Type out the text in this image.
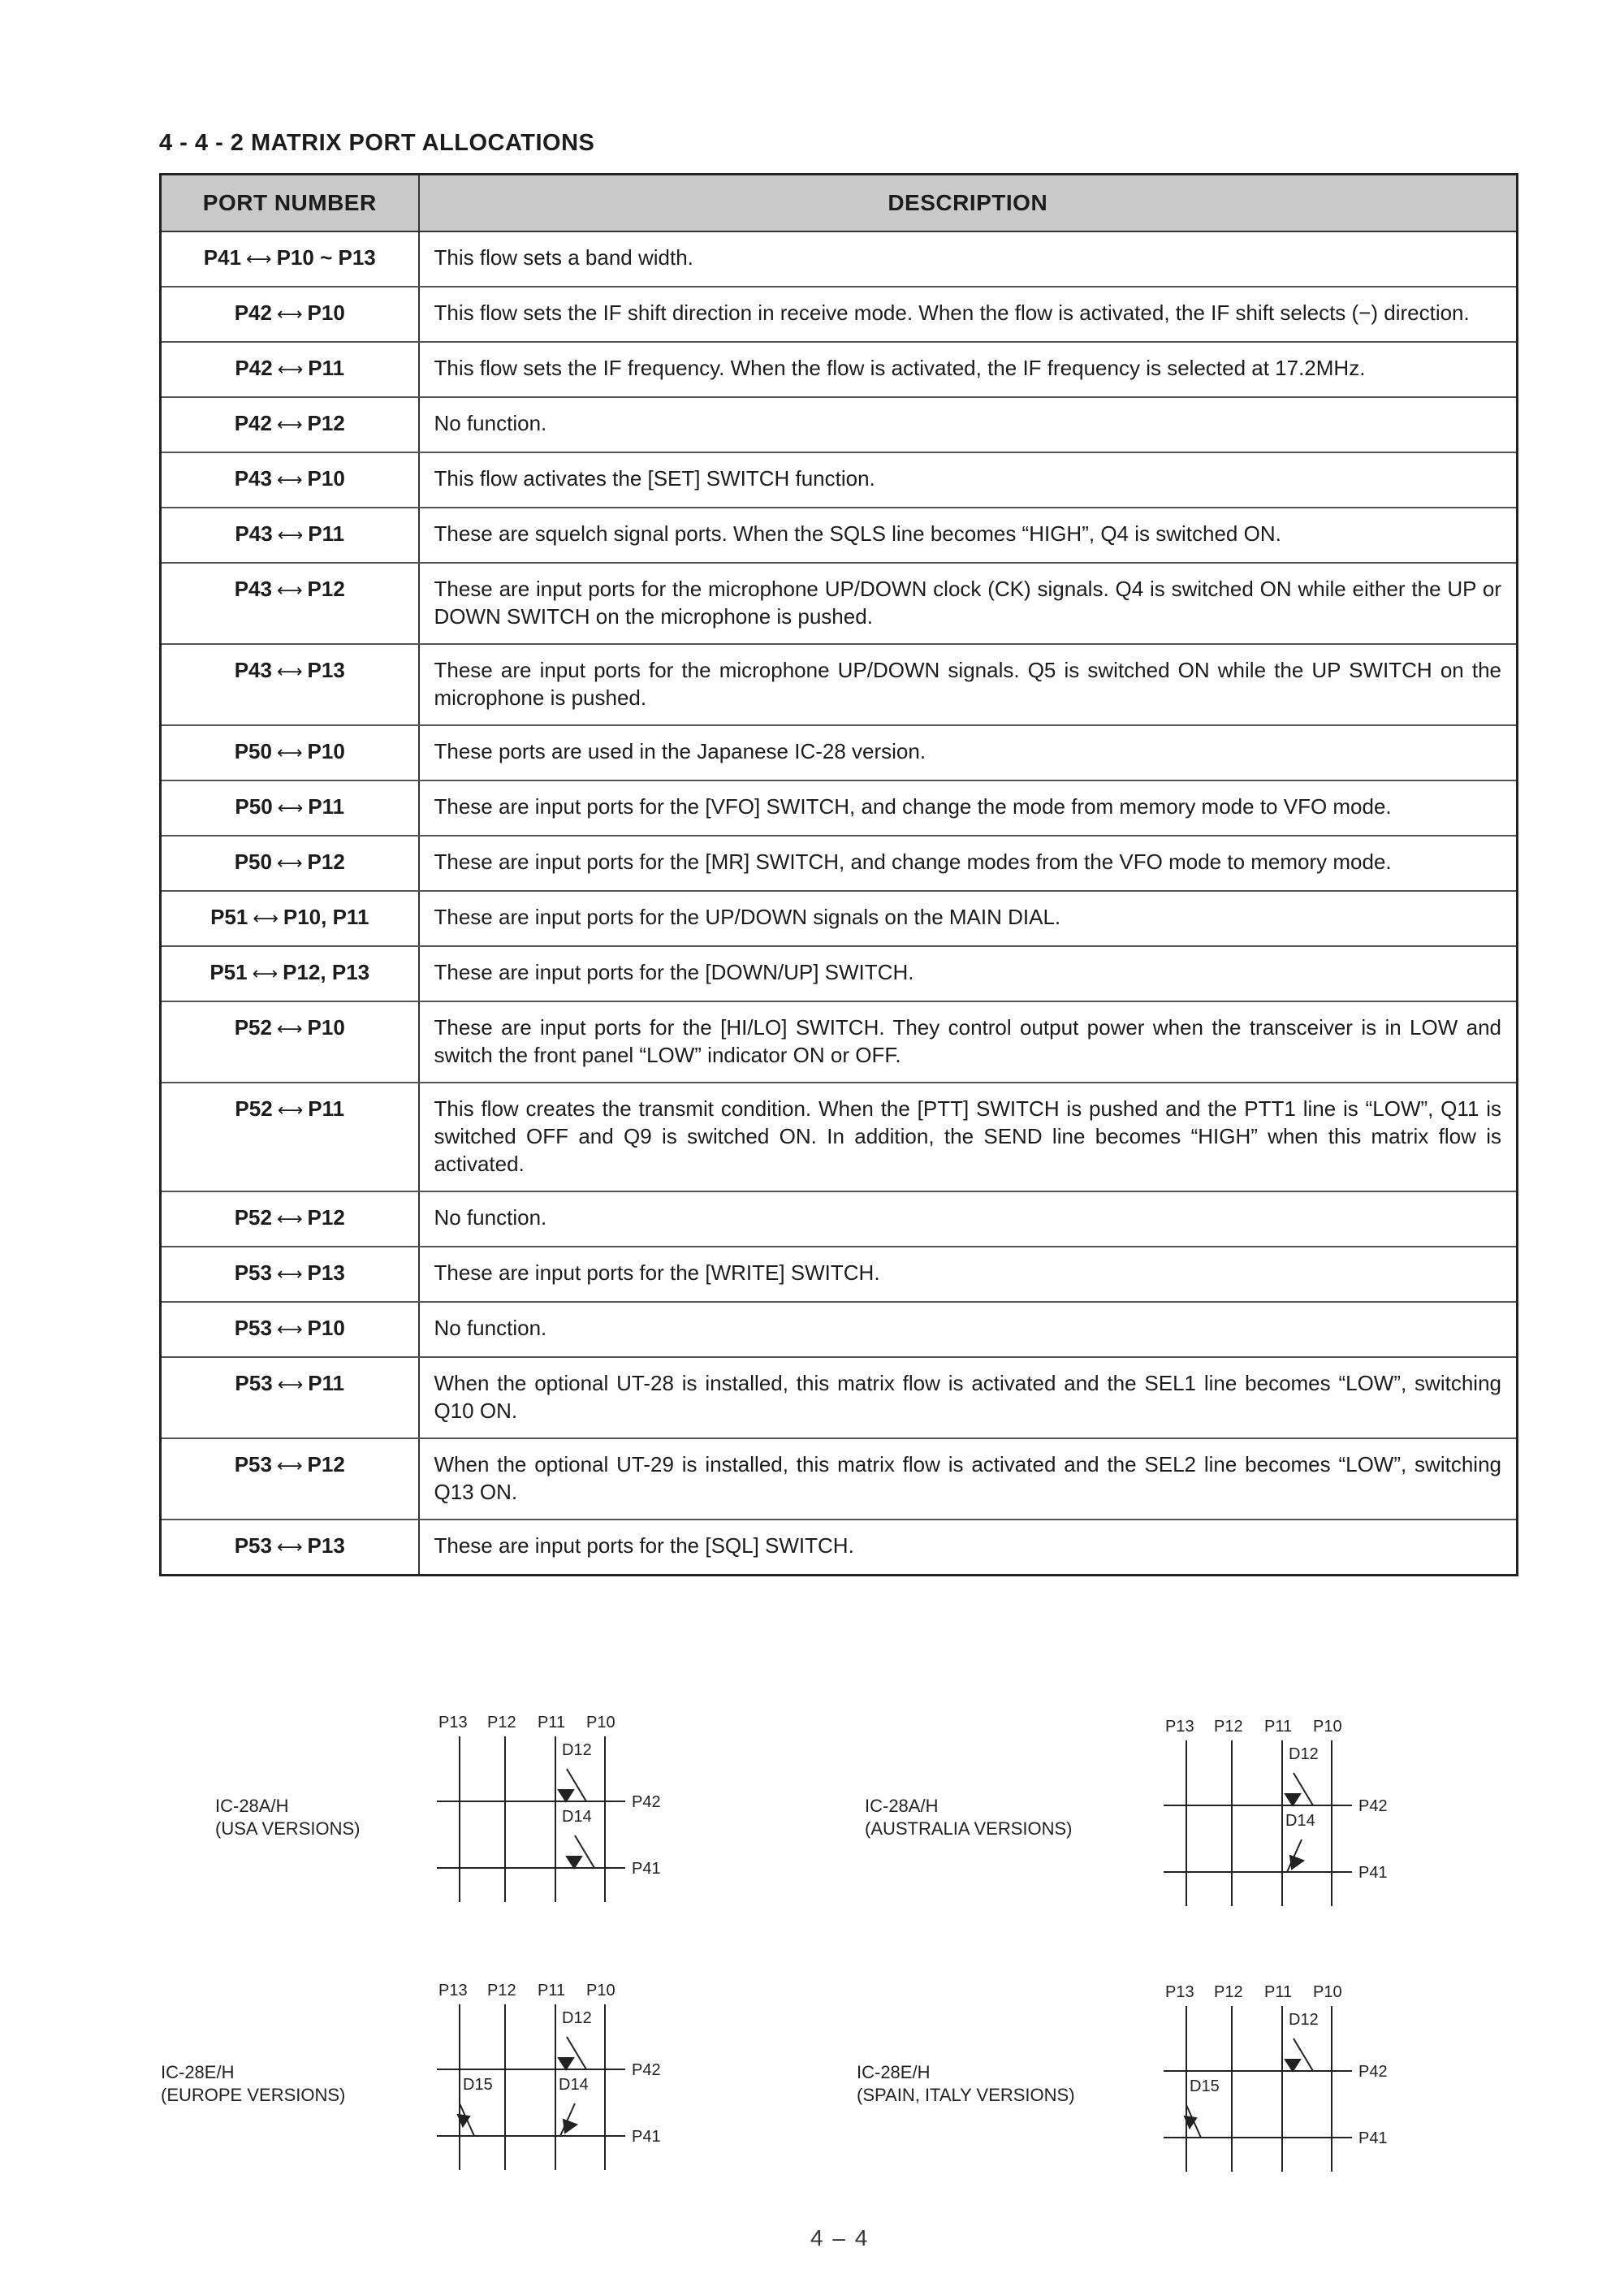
4 - 4 - 2 MATRIX PORT ALLOCATIONS
PORT NUMBER	DESCRIPTION
P41 ⟷ P10 ~ P13	This flow sets a band width.
P42 ⟷ P10	This flow sets the IF shift direction in receive mode. When the flow is activated, the IF shift selects (−) direction.
P42 ⟷ P11	This flow sets the IF frequency. When the flow is activated, the IF frequency is selected at 17.2MHz.
P42 ⟷ P12	No function.
P43 ⟷ P10	This flow activates the [SET] SWITCH function.
P43 ⟷ P11	These are squelch signal ports. When the SQLS line becomes “HIGH”, Q4 is switched ON.
P43 ⟷ P12	These are input ports for the microphone UP/DOWN clock (CK) signals. Q4 is switched ON while either the UP or DOWN SWITCH on the microphone is pushed.
P43 ⟷ P13	These are input ports for the microphone UP/DOWN signals. Q5 is switched ON while the UP SWITCH on the microphone is pushed.
P50 ⟷ P10	These ports are used in the Japanese IC-28 version.
P50 ⟷ P11	These are input ports for the [VFO] SWITCH, and change the mode from memory mode to VFO mode.
P50 ⟷ P12	These are input ports for the [MR] SWITCH, and change modes from the VFO mode to memory mode.
P51 ⟷ P10, P11	These are input ports for the UP/DOWN signals on the MAIN DIAL.
P51 ⟷ P12, P13	These are input ports for the [DOWN/UP] SWITCH.
P52 ⟷ P10	These are input ports for the [HI/LO] SWITCH. They control output power when the transceiver is in LOW and switch the front panel “LOW” indicator ON or OFF.
P52 ⟷ P11	This flow creates the transmit condition. When the [PTT] SWITCH is pushed and the PTT1 line is “LOW”, Q11 is switched OFF and Q9 is switched ON. In addition, the SEND line becomes “HIGH” when this matrix flow is activated.
P52 ⟷ P12	No function.
P53 ⟷ P13	These are input ports for the [WRITE] SWITCH.
P53 ⟷ P10	No function.
P53 ⟷ P11	When the optional UT-28 is installed, this matrix flow is activated and the SEL1 line becomes “LOW”, switching Q10 ON.
P53 ⟷ P12	When the optional UT-29 is installed, this matrix flow is activated and the SEL2 line becomes “LOW”, switching Q13 ON.
P53 ⟷ P13	These are input ports for the [SQL] SWITCH.
IC-28A/H
(USA VERSIONS)
P13 P12 P11 P10
D12
D14
P42
P41
IC-28A/H
(AUSTRALIA VERSIONS)
P13 P12 P11 P10
D12
D14
P42
P41
IC-28E/H
(EUROPE VERSIONS)
P13 P12 P11 P10
D12
D15	D14
P42
P41
IC-28E/H
(SPAIN, ITALY VERSIONS)
P13 P12 P11 P10
D12
D15
P42
P41
4 – 4
